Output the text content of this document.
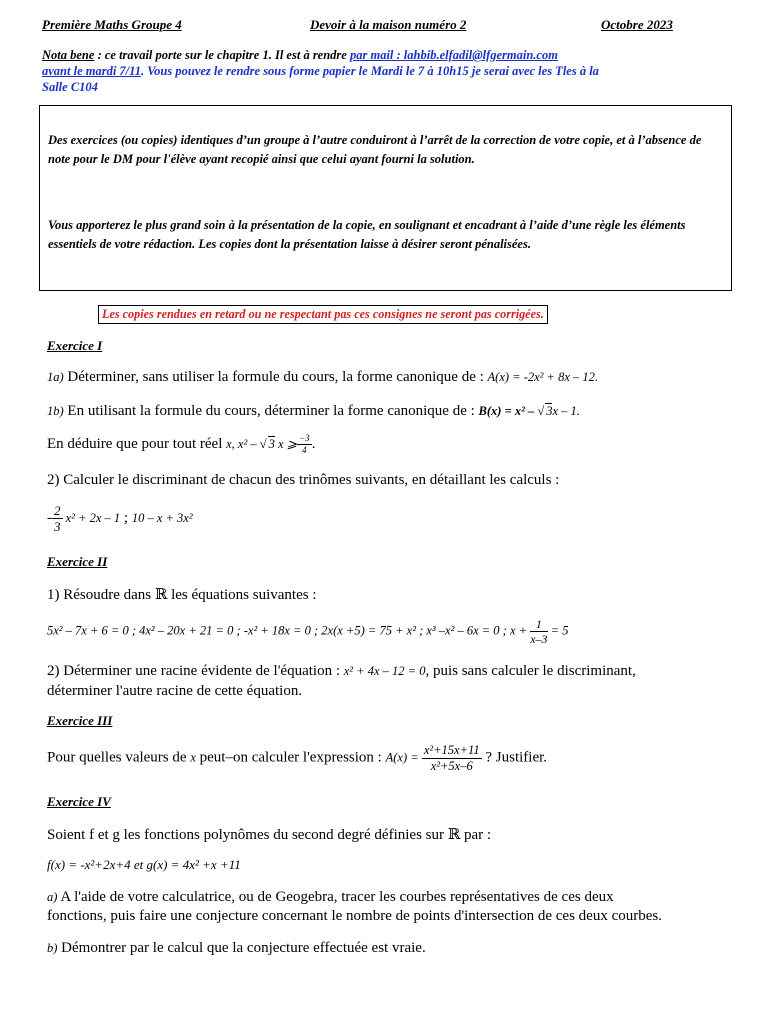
Première Maths Groupe 4	Devoir à la maison numéro 2	Octobre 2023
Nota bene : ce travail porte sur le chapitre 1. Il est à rendre par mail : lahbib.elfadil@lfgermain.com
avant le mardi 7/11. Vous pouvez le rendre sous forme papier le Mardi le 7 à 10h15 je serai avec les Tles à la
Salle C104
Des exercices (ou copies) identiques d’un groupe à l’autre conduiront à l’arrêt de la correction de votre copie, et à l’absence de note pour le DM pour l'élève ayant recopié ainsi que celui ayant fourni la solution.
Vous apporterez le plus grand soin à la présentation de la copie, en soulignant et encadrant à l’aide d’une règle les éléments essentiels de votre rédaction. Les copies dont la présentation laisse à désirer seront pénalisées.
Les copies rendues en retard ou ne respectant pas ces consignes ne seront pas corrigées.
Exercice I
1a) Déterminer, sans utiliser la formule du cours, la forme canonique de : A(x) = -2x² + 8x – 12.
1b) En utilisant la formule du cours, déterminer la forme canonique de : B(x) = x² – √ 3x – 1.
En déduire que pour tout réel x, x² – √ 3 x ⩾ $\frac{-3}{4}$ .
2) Calculer le discriminant de chacun des trinômes suivants, en détaillant les calculs :
- $\frac{2}{3} x^2 + 2x - 1$ ; 10 – x + 3x²
Exercice II
1) Résoudre dans ℝ les équations suivantes :
5x² – 7x + 6 = 0 ; 4x² – 20x + 21 = 0 ; -x² + 18x = 0 ; 2x(x +5) = 75 + x² ; x³ –x² – 6x = 0 ; $x + \frac{1}{x-3} = 5$
2) Déterminer une racine évidente de l'équation : x² + 4x – 12 = 0, puis sans calculer le discriminant,
déterminer l'autre racine de cette équation.
Exercice III
Pour quelles valeurs de x peut–on calculer l'expression : $A(x) = \frac{\text{x²+15x+11}}{\text{x²+5x–6}}$ ? Justifier.
Exercice IV
Soient f et g les fonctions polynômes du second degré définies sur ℝ par :
f(x) = -x²+2x+4 et g(x) = 4x² +x +11
a) A l'aide de votre calculatrice, ou de Geogebra, tracer les courbes représentatives de ces deux
fonctions, puis faire une conjecture concernant le nombre de points d'intersection de ces deux courbes.
b) Démontrer par le calcul que la conjecture effectuée est vraie.
